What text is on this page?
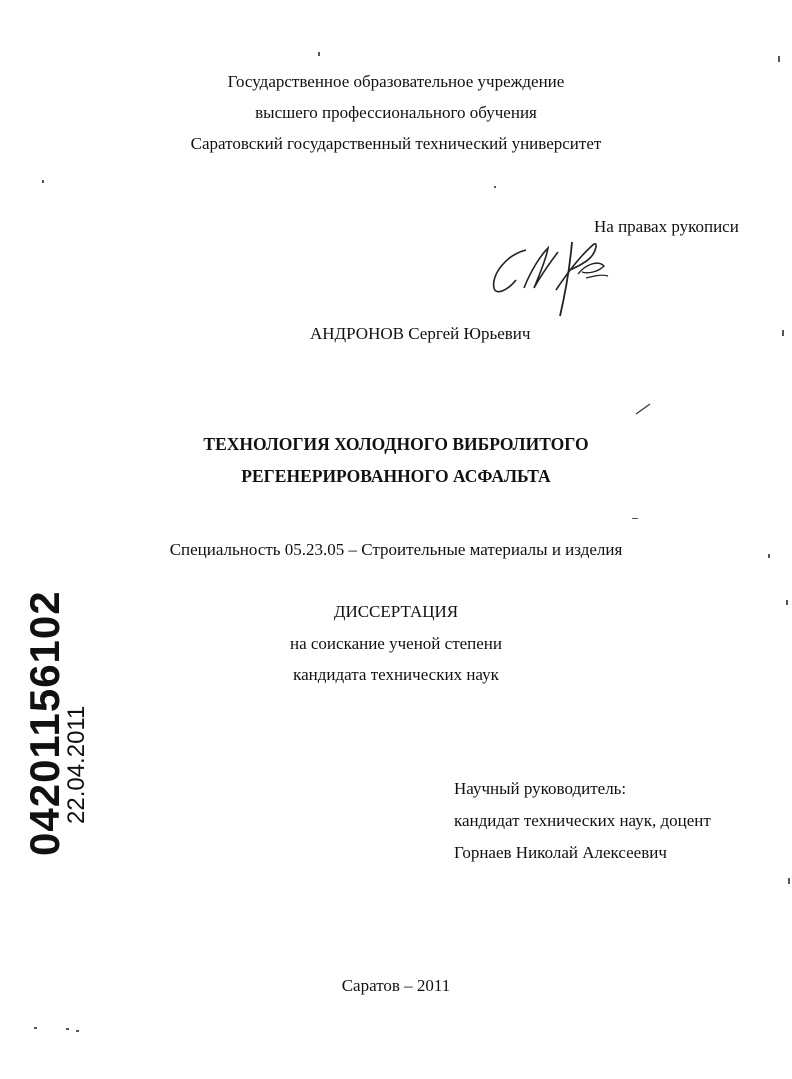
Государственное образовательное учреждение
высшего профессионального обучения
Саратовский государственный технический университет
На правах рукописи
АНДРОНОВ Сергей Юрьевич
ТЕХНОЛОГИЯ ХОЛОДНОГО ВИБРОЛИТОГО
РЕГЕНЕРИРОВАННОГО АСФАЛЬТА
Специальность 05.23.05 – Строительные материалы и изделия
ДИССЕРТАЦИЯ
на соискание ученой степени
кандидата технических наук
Научный руководитель:
кандидат технических наук, доцент
Горнаев Николай Алексеевич
Саратов – 2011
04201156102
22.04.2011
